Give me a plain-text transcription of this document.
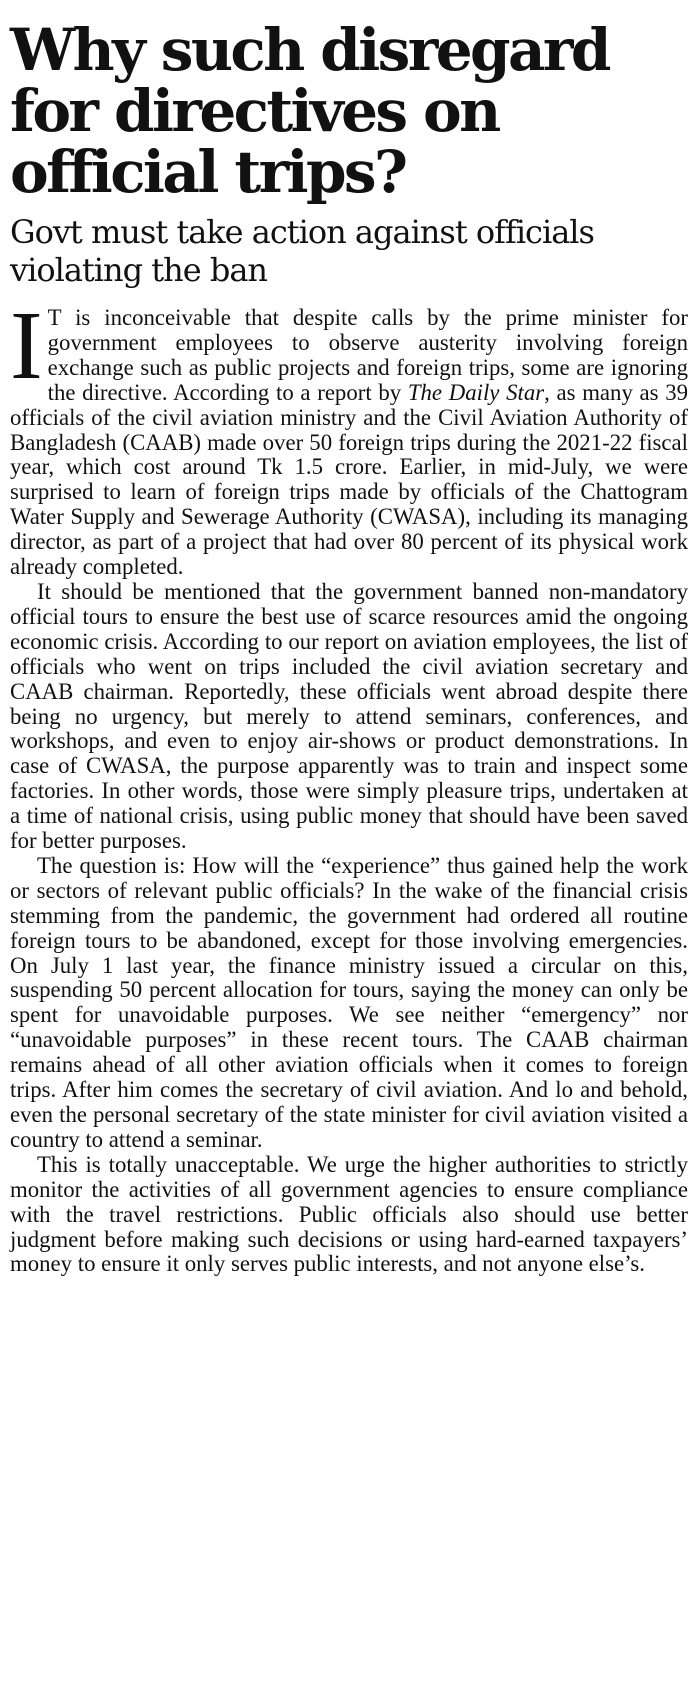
Why such disregard for directives on official trips?
Govt must take action against officials violating the ban

I T is inconceivable that despite calls by the prime minister for government employees to observe austerity involving foreign exchange such as public projects and foreign trips, some are ignoring the directive. According to a report by The Daily Star, as many as 39 officials of the civil aviation ministry and the Civil Aviation Authority of Bangladesh (CAAB) made over 50 foreign trips during the 2021-22 fiscal year, which cost around Tk 1.5 crore. Earlier, in mid-July, we were surprised to learn of foreign trips made by officials of the Chattogram Water Supply and Sewerage Authority (CWASA), including its managing director, as part of a project that had over 80 percent of its physical work already completed.

It should be mentioned that the government banned non-mandatory official tours to ensure the best use of scarce resources amid the ongoing economic crisis. According to our report on aviation employees, the list of officials who went on trips included the civil aviation secretary and CAAB chairman. Reportedly, these officials went abroad despite there being no urgency, but merely to attend seminars, conferences, and workshops, and even to enjoy air-shows or product demonstrations. In case of CWASA, the purpose apparently was to train and inspect some factories. In other words, those were simply pleasure trips, undertaken at a time of national crisis, using public money that should have been saved for better purposes.

The question is: How will the “experience” thus gained help the work or sectors of relevant public officials? In the wake of the financial crisis stemming from the pandemic, the government had ordered all routine foreign tours to be abandoned, except for those involving emergencies. On July 1 last year, the finance ministry issued a circular on this, suspending 50 percent allocation for tours, saying the money can only be spent for unavoidable purposes. We see neither “emergency” nor “unavoidable purposes” in these recent tours. The CAAB chairman remains ahead of all other aviation officials when it comes to foreign trips. After him comes the secretary of civil aviation. And lo and behold, even the personal secretary of the state minister for civil aviation visited a country to attend a seminar.

This is totally unacceptable. We urge the higher authorities to strictly monitor the activities of all government agencies to ensure compliance with the travel restrictions. Public officials also should use better judgment before making such decisions or using hard-earned taxpayers’ money to ensure it only serves public interests, and not anyone else’s.
